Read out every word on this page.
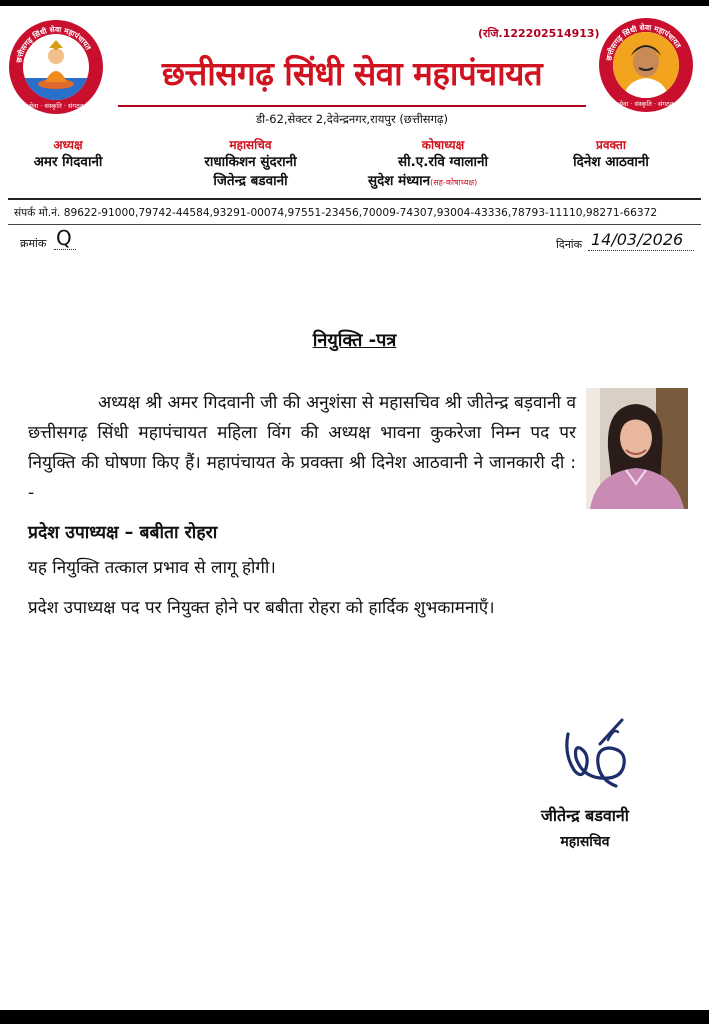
छत्तीसगढ़ सिंधी सेवा महापंचायत
सेवा · संस्कृति · संगठन
छत्तीसगढ़ सिंधी सेवा महापंचायत
सेवा · संस्कृति · संगठन
(रजि.122202514913)
छत्तीसगढ़ सिंधी सेवा महापंचायत
डी-62,सेक्टर 2,देवेन्द्रनगर,रायपुर (छत्तीसगढ़)
अध्यक्ष
अमर गिदवानी
महासचिव
राधाकिशन सुंदरानी
जितेन्द्र बडवानी
कोषाध्यक्ष
सी.ए.रवि ग्वालानी
सुदेश मंध्यान(सह-कोषाध्यक्ष)
प्रवक्ता
दिनेश आठवानी
संपर्क मो.नं. 89622-91000,79742-44584,93291-00074,97551-23456,70009-74307,93004-43336,78793-11110,98271-66372
क्रमांक Q	दिनांक 14/03/2026
नियुक्ति -पत्र
अध्यक्ष श्री अमर गिदवानी जी की अनुशंसा से महासचिव श्री जीतेन्द्र बड़वानी व छत्तीसगढ़ सिंधी महापंचायत महिला विंग की अध्यक्ष भावना कुकरेजा निम्न पद पर नियुक्ति की घोषणा किए हैं। महापंचायत के प्रवक्ता श्री दिनेश आठवानी ने जानकारी दी : -
प्रदेश उपाध्यक्ष – बबीता रोहरा
यह नियुक्ति तत्काल प्रभाव से लागू होगी।
प्रदेश उपाध्यक्ष पद पर नियुक्त होने पर बबीता रोहरा को हार्दिक शुभकामनाएँ।
जीतेन्द्र बडवानी
महासचिव
